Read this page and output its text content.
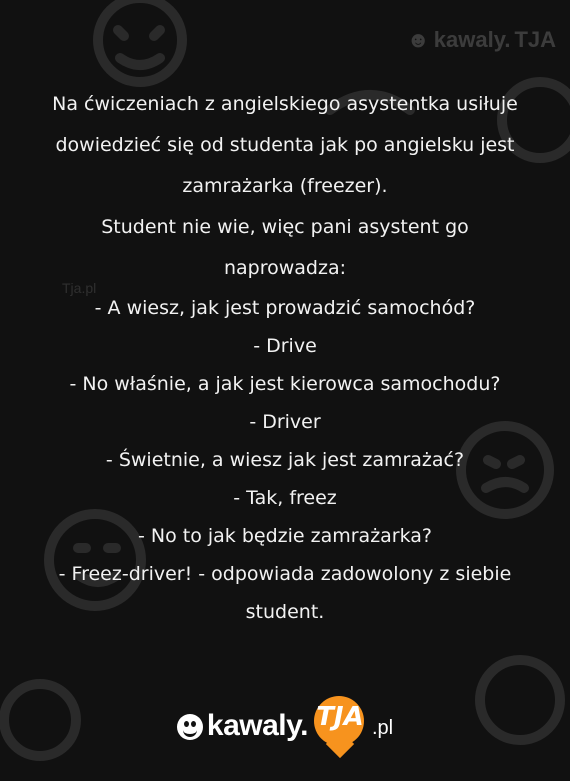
☻ kawaly. TJA
Tja.pl

Na ćwiczeniach z angielskiego asystentka usiłuje

dowiedzieć się od studenta jak po angielsku jest

zamrażarka (freezer).

Student nie wie, więc pani asystent go

naprowadza:

- A wiesz, jak jest prowadzić samochód?

- Drive

- No właśnie, a jak jest kierowca samochodu?

- Driver

- Świetnie, a wiesz jak jest zamrażać?

- Tak, freez

- No to jak będzie zamrażarka?

- Freez-driver! - odpowiada zadowolony z siebie

student.

kawaly. TJA .pl
